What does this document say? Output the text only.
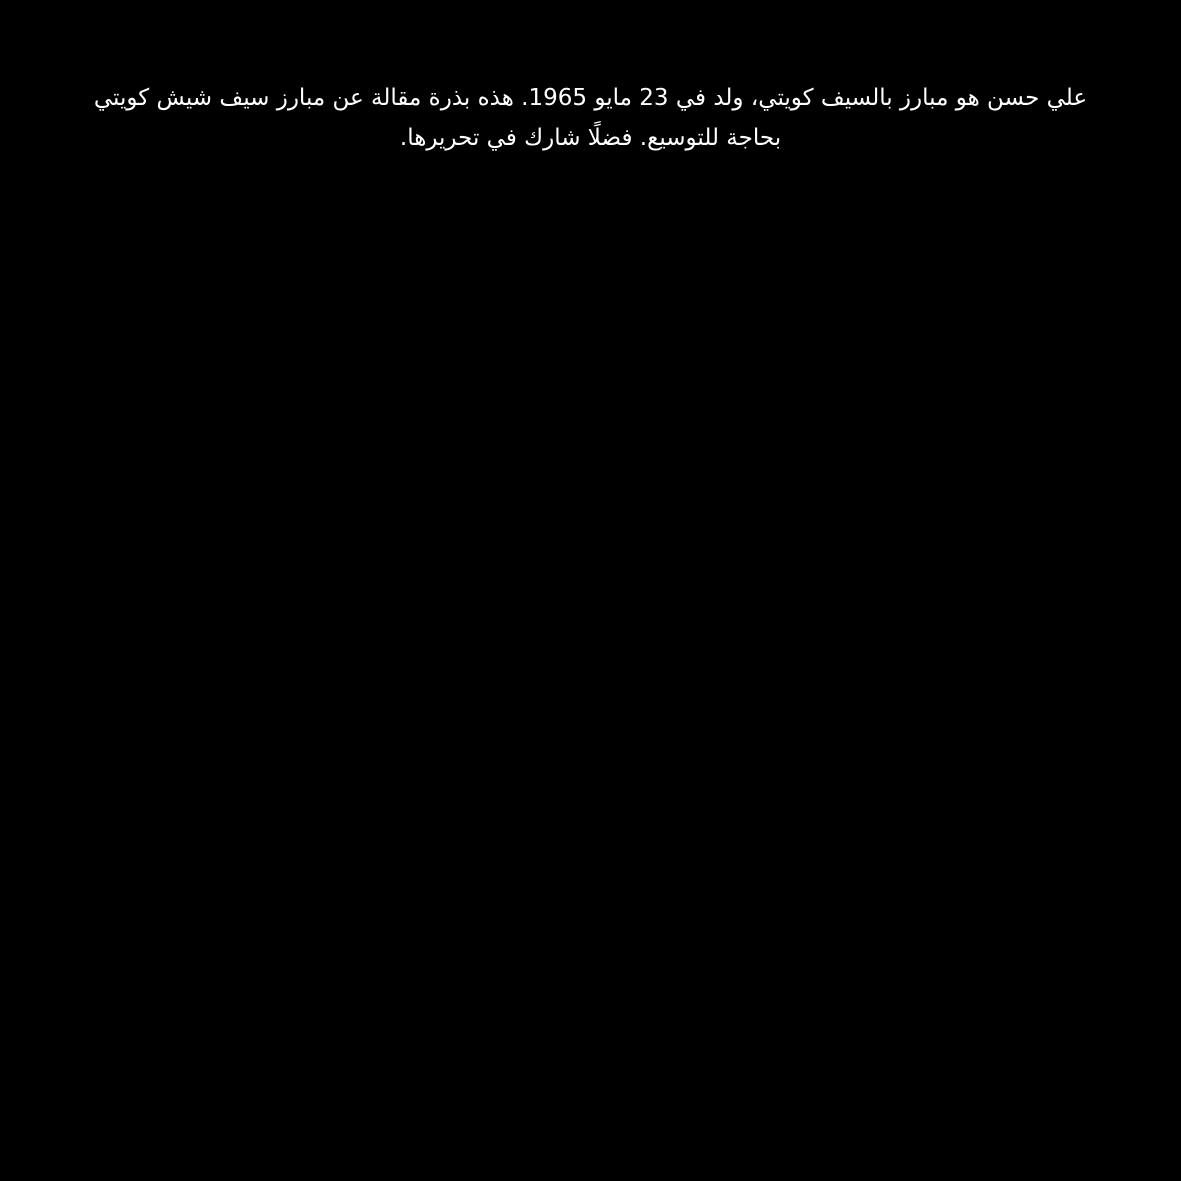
علي حسن هو مبارز بالسيف كويتي، ولد في 23 مايو 1965. هذه بذرة مقالة عن مبارز سيف شيش كويتي بحاجة للتوسيع. فضلًا شارك في تحريرها.
